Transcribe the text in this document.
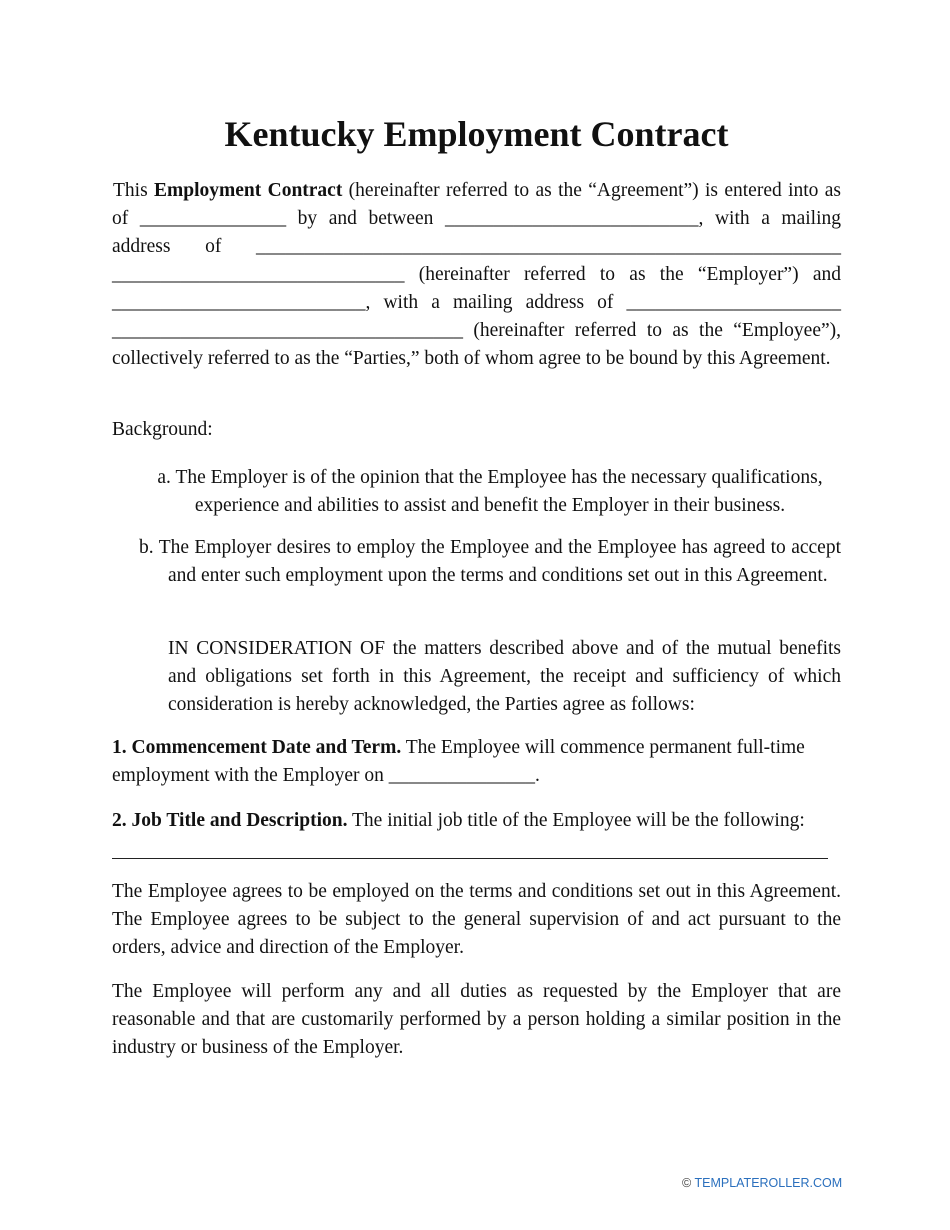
Kentucky Employment Contract

This Employment Contract (hereinafter referred to as the “Agreement”) is entered into as of _______________ by and between __________________________, with a mailing address of ____________________________________________________________ ______________________________ (hereinafter referred to as the “Employer”) and __________________________, with a mailing address of ______________________ ____________________________________ (hereinafter referred to as the “Employee”), collectively referred to as the “Parties,” both of whom agree to be bound by this Agreement.

Background:

a. The Employer is of the opinion that the Employee has the necessary qualifications, experience and abilities to assist and benefit the Employer in their business.

b. The Employer desires to employ the Employee and the Employee has agreed to accept and enter such employment upon the terms and conditions set out in this Agreement.

IN CONSIDERATION OF the matters described above and of the mutual benefits and obligations set forth in this Agreement, the receipt and sufficiency of which consideration is hereby acknowledged, the Parties agree as follows:

1. Commencement Date and Term. The Employee will commence permanent full-time employment with the Employer on _______________.

2. Job Title and Description. The initial job title of the Employee will be the following:

The Employee agrees to be employed on the terms and conditions set out in this Agreement. The Employee agrees to be subject to the general supervision of and act pursuant to the orders, advice and direction of the Employer.

The Employee will perform any and all duties as requested by the Employer that are reasonable and that are customarily performed by a person holding a similar position in the industry or business of the Employer.

© TEMPLATEROLLER.COM
